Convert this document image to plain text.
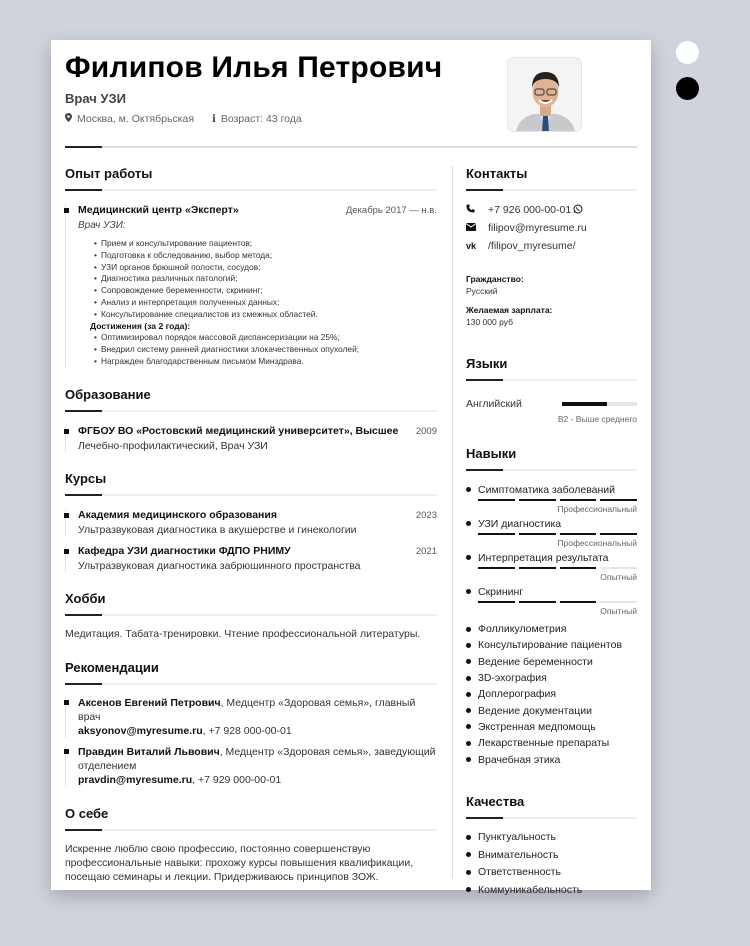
Филипов Илья Петрович
Врач УЗИ
Москва, м. Октябрьская i Возраст: 43 года
Опыт работы
Медицинский центр «Эксперт»	Декабрь 2017 — н.в.
Врач УЗИ:
• Прием и консультирование пациентов;
• Подготовка к обследованию, выбор метода;
• УЗИ органов брюшной полости, сосудов;
• Диагностика различных патологий;
• Сопровождение беременности, скрининг;
• Анализ и интерпретация полученных данных;
• Консультирование специалистов из смежных областей.
Достижения (за 2 года):
• Оптимизировал порядок массовой диспансеризации на 25%;
• Внедрил систему ранней диагностики злокачественных опухолей;
• Награжден благодарственным письмом Минздрава.
Образование
ФГБОУ ВО «Ростовский медицинский университет», Высшее 2009
Лечебно-профилактический, Врач УЗИ
Курсы
Академия медицинского образования	2023
Ультразвуковая диагностика в акушерстве и гинекологии
Кафедра УЗИ диагностики ФДПО РНИМУ	2021
Ультразвуковая диагностика забрюшинного пространства
Хобби
Медитация. Табата-тренировки. Чтение профессиональной литературы.
Рекомендации
Аксенов Евгений Петрович, Медцентр «Здоровая семья», главный врач
aksyonov@myresume.ru, +7 928 000-00-01
Правдин Виталий Львович, Медцентр «Здоровая семья», заведующий отделением
pravdin@myresume.ru, +7 929 000-00-01
О себе
Искренне люблю свою профессию, постоянно совершенствую профессиональные навыки: прохожу курсы повышения квалификации, посещаю семинары и лекции. Придерживаюсь принципов ЗОЖ.
Контакты
+7 926 000-00-01
filipov@myresume.ru
vk	/filipov_myresume/
Гражданство:
Русский
Желаемая зарплата:
130 000 руб
Языки
Английский
B2 - Выше среднего
Навыки
Симптоматика заболеваний
Профессиональный
УЗИ диагностика
Профессиональный
Интерпретация результата
Опытный
Скрининг
Опытный
Фолликулометрия
Консультирование пациентов
Ведение беременности
3D-эхография
Доплерография
Ведение документации
Экстренная медпомощь
Лекарственные препараты
Врачебная этика
Качества
Пунктуальность
Внимательность
Ответственность
Коммуникабельность
